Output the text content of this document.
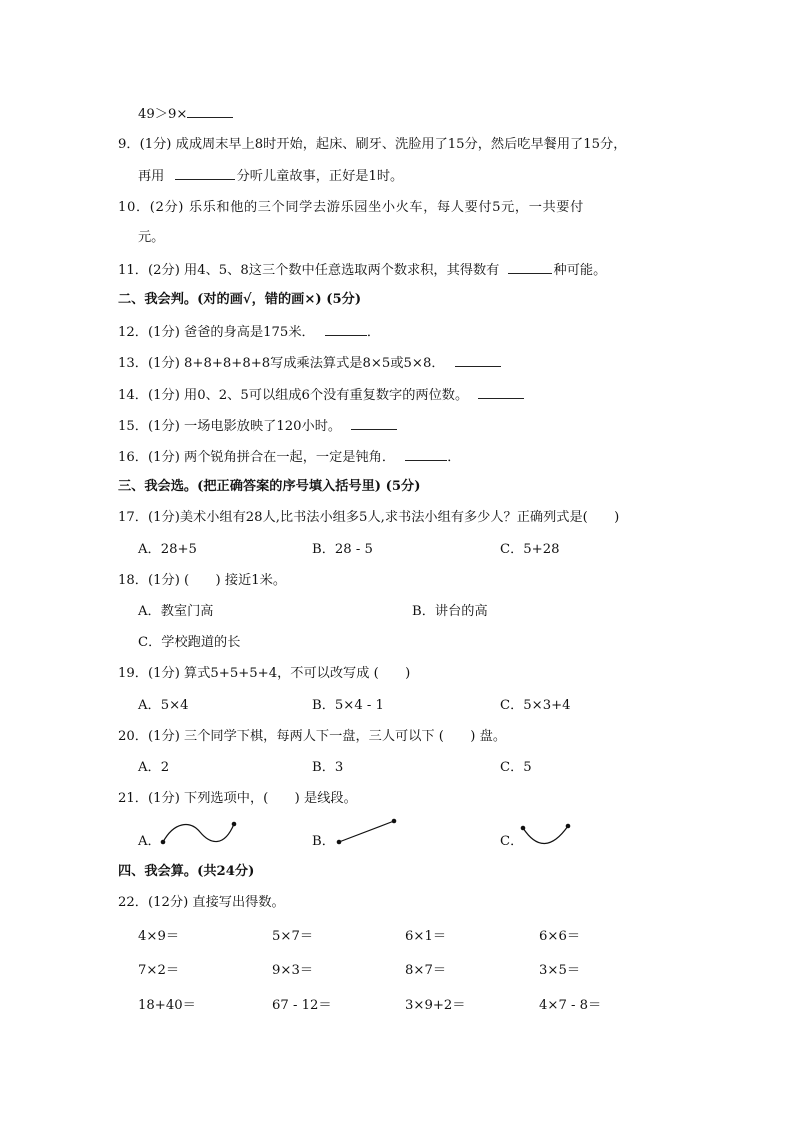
49＞9×
9．(1分) 成成周末早上8时开始，起床、刷牙、洗脸用了15分，然后吃早餐用了15分，
再用	分听儿童故事，正好是1时。
10．(2分) 乐乐和他的三个同学去游乐园坐小火车，每人要付5元，一共要付
元。
11．(2分) 用4、5、8这三个数中任意选取两个数求积，其得数有	种可能。
二、我会判。(对的画√，错的画×) (5分)
12．(1分) 爸爸的身高是175米．	．
13．(1分) 8+8+8+8+8写成乘法算式是8×5或5×8．
14．(1分) 用0、2、5可以组成6个没有重复数字的两位数。
15．(1分) 一场电影放映了120小时。
16．(1分) 两个锐角拼合在一起，一定是钝角．	．
三、我会选。(把正确答案的序号填入括号里) (5分)
17．(1分)美术小组有28人,比书法小组多5人,求书法小组有多少人？正确列式是(　　)
A．28+5	B．28 - 5	C．5+28
18．(1分) (　　) 接近1米。
A．教室门高	B．讲台的高
C．学校跑道的长
19．(1分) 算式5+5+5+4，不可以改写成 (　　)
A．5×4	B．5×4 - 1	C．5×3+4
20．(1分) 三个同学下棋，每两人下一盘，三人可以下 (　　) 盘。
A．2	B．3	C．5
21．(1分) 下列选项中，(　　) 是线段。
A．	B．	C．
四、我会算。(共24分)
22．(12分) 直接写出得数。
4×9＝	5×7＝	6×1＝	6×6＝
7×2＝	9×3＝	8×7＝	3×5＝
18+40＝	67 - 12＝	3×9+2＝	4×7 - 8＝
